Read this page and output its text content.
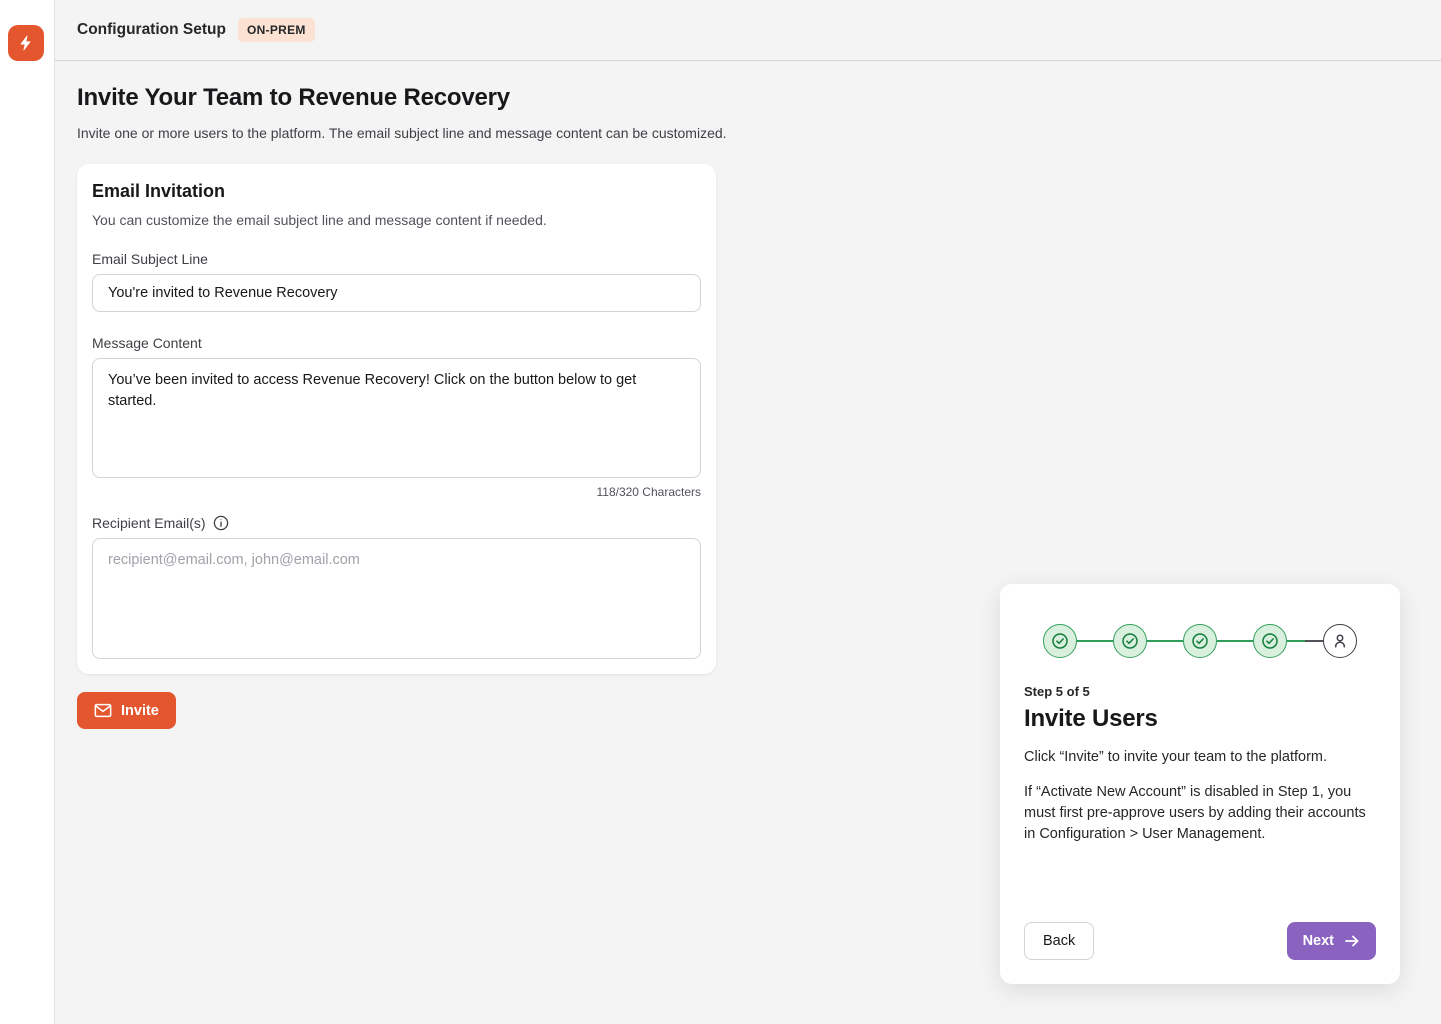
Configuration Setup	ON-PREM
Invite Your Team to Revenue Recovery
Invite one or more users to the platform. The email subject line and message content can be customized.
Email Invitation
You can customize the email subject line and message content if needed.
Email Subject Line
You're invited to Revenue Recovery
Message Content
You’ve been invited to access Revenue Recovery! Click on the button below to get started.
118/320 Characters
Recipient Email(s)
recipient@email.com, john@email.com
Invite
Step 5 of 5
Invite Users
Click “Invite” to invite your team to the platform.
If “Activate New Account” is disabled in Step 1, you must first pre-approve users by adding their accounts in Configuration > User Management.
Back	Next
